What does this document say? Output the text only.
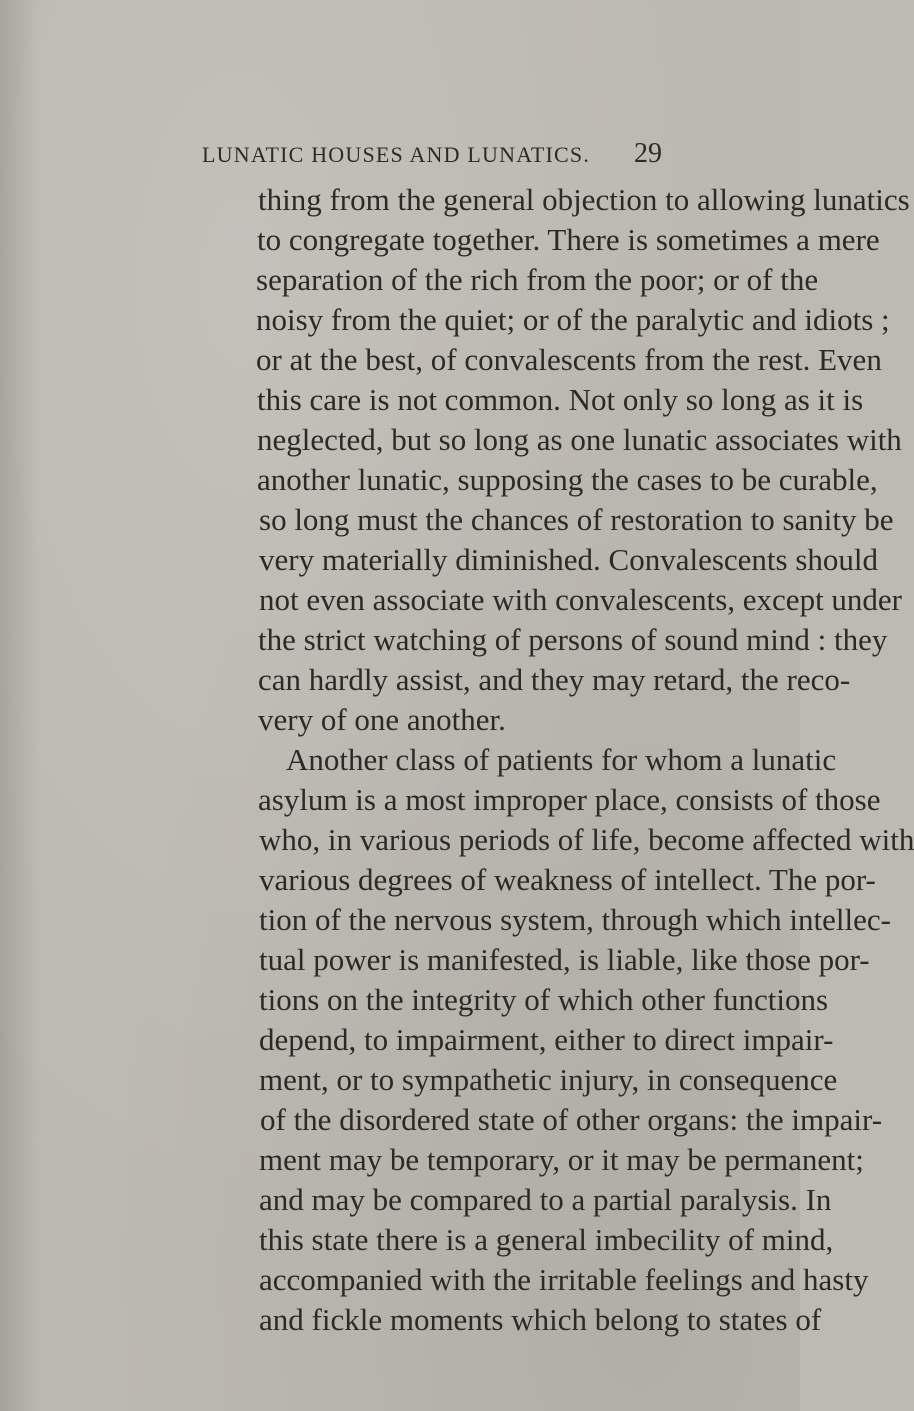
LUNATIC HOUSES AND LUNATICS. 29
thing from the general objection to allowing lunatics
to congregate together. There is sometimes a mere
separation of the rich from the poor; or of the
noisy from the quiet; or of the paralytic and idiots ;
or at the best, of convalescents from the rest. Even
this care is not common. Not only so long as it is
neglected, but so long as one lunatic associates with
another lunatic, supposing the cases to be curable,
so long must the chances of restoration to sanity be
very materially diminished. Convalescents should
not even associate with convalescents, except under
the strict watching of persons of sound mind : they
can hardly assist, and they may retard, the reco-
very of one another.
Another class of patients for whom a lunatic
asylum is a most improper place, consists of those
who, in various periods of life, become affected with
various degrees of weakness of intellect. The por-
tion of the nervous system, through which intellec-
tual power is manifested, is liable, like those por-
tions on the integrity of which other functions
depend, to impairment, either to direct impair-
ment, or to sympathetic injury, in consequence
of the disordered state of other organs: the impair-
ment may be temporary, or it may be permanent;
and may be compared to a partial paralysis. In
this state there is a general imbecility of mind,
accompanied with the irritable feelings and hasty
and fickle moments which belong to states of
